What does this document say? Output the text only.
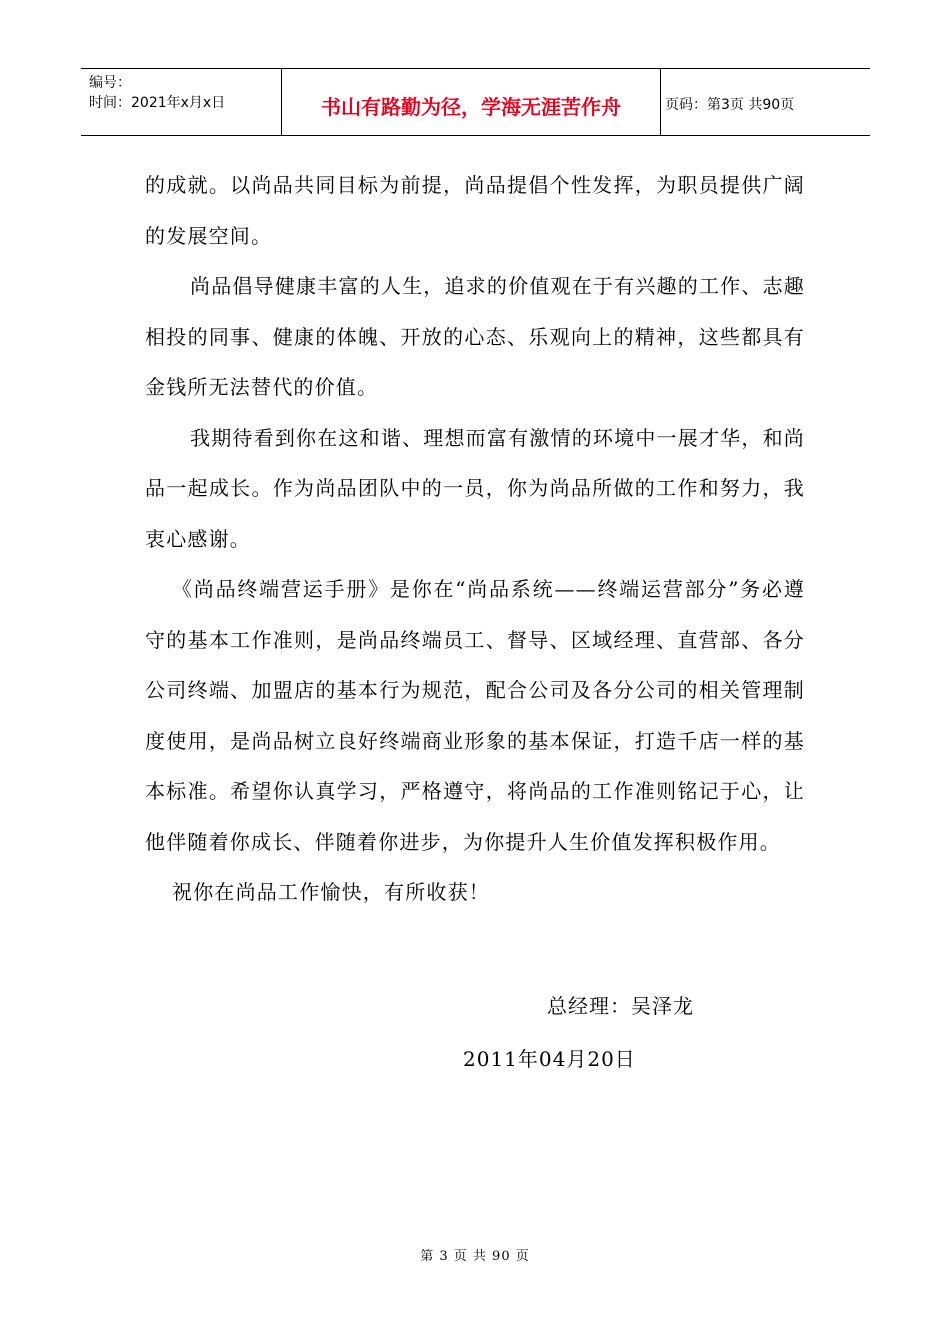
编号：
时间：2021年x月x日	书山有路勤为径，学海无涯苦作舟	页码：第3页 共90页

的成就。以尚品共同目标为前提，尚品提倡个性发挥，为职员提供广阔的发展空间。

尚品倡导健康丰富的人生，追求的价值观在于有兴趣的工作、志趣相投的同事、健康的体魄、开放的心态、乐观向上的精神，这些都具有金钱所无法替代的价值。

我期待看到你在这和谐、理想而富有激情的环境中一展才华，和尚品一起成长。作为尚品团队中的一员，你为尚品所做的工作和努力，我衷心感谢。

《尚品终端营运手册》是你在“尚品系统——终端运营部分”务必遵守的基本工作准则，是尚品终端员工、督导、区域经理、直营部、各分公司终端、加盟店的基本行为规范，配合公司及各分公司的相关管理制度使用，是尚品树立良好终端商业形象的基本保证，打造千店一样的基本标准。希望你认真学习，严格遵守，将尚品的工作准则铭记于心，让他伴随着你成长、伴随着你进步，为你提升人生价值发挥积极作用。

祝你在尚品工作愉快，有所收获！

总经理：吴泽龙
2011年04月20日
第 3 页 共 90 页
